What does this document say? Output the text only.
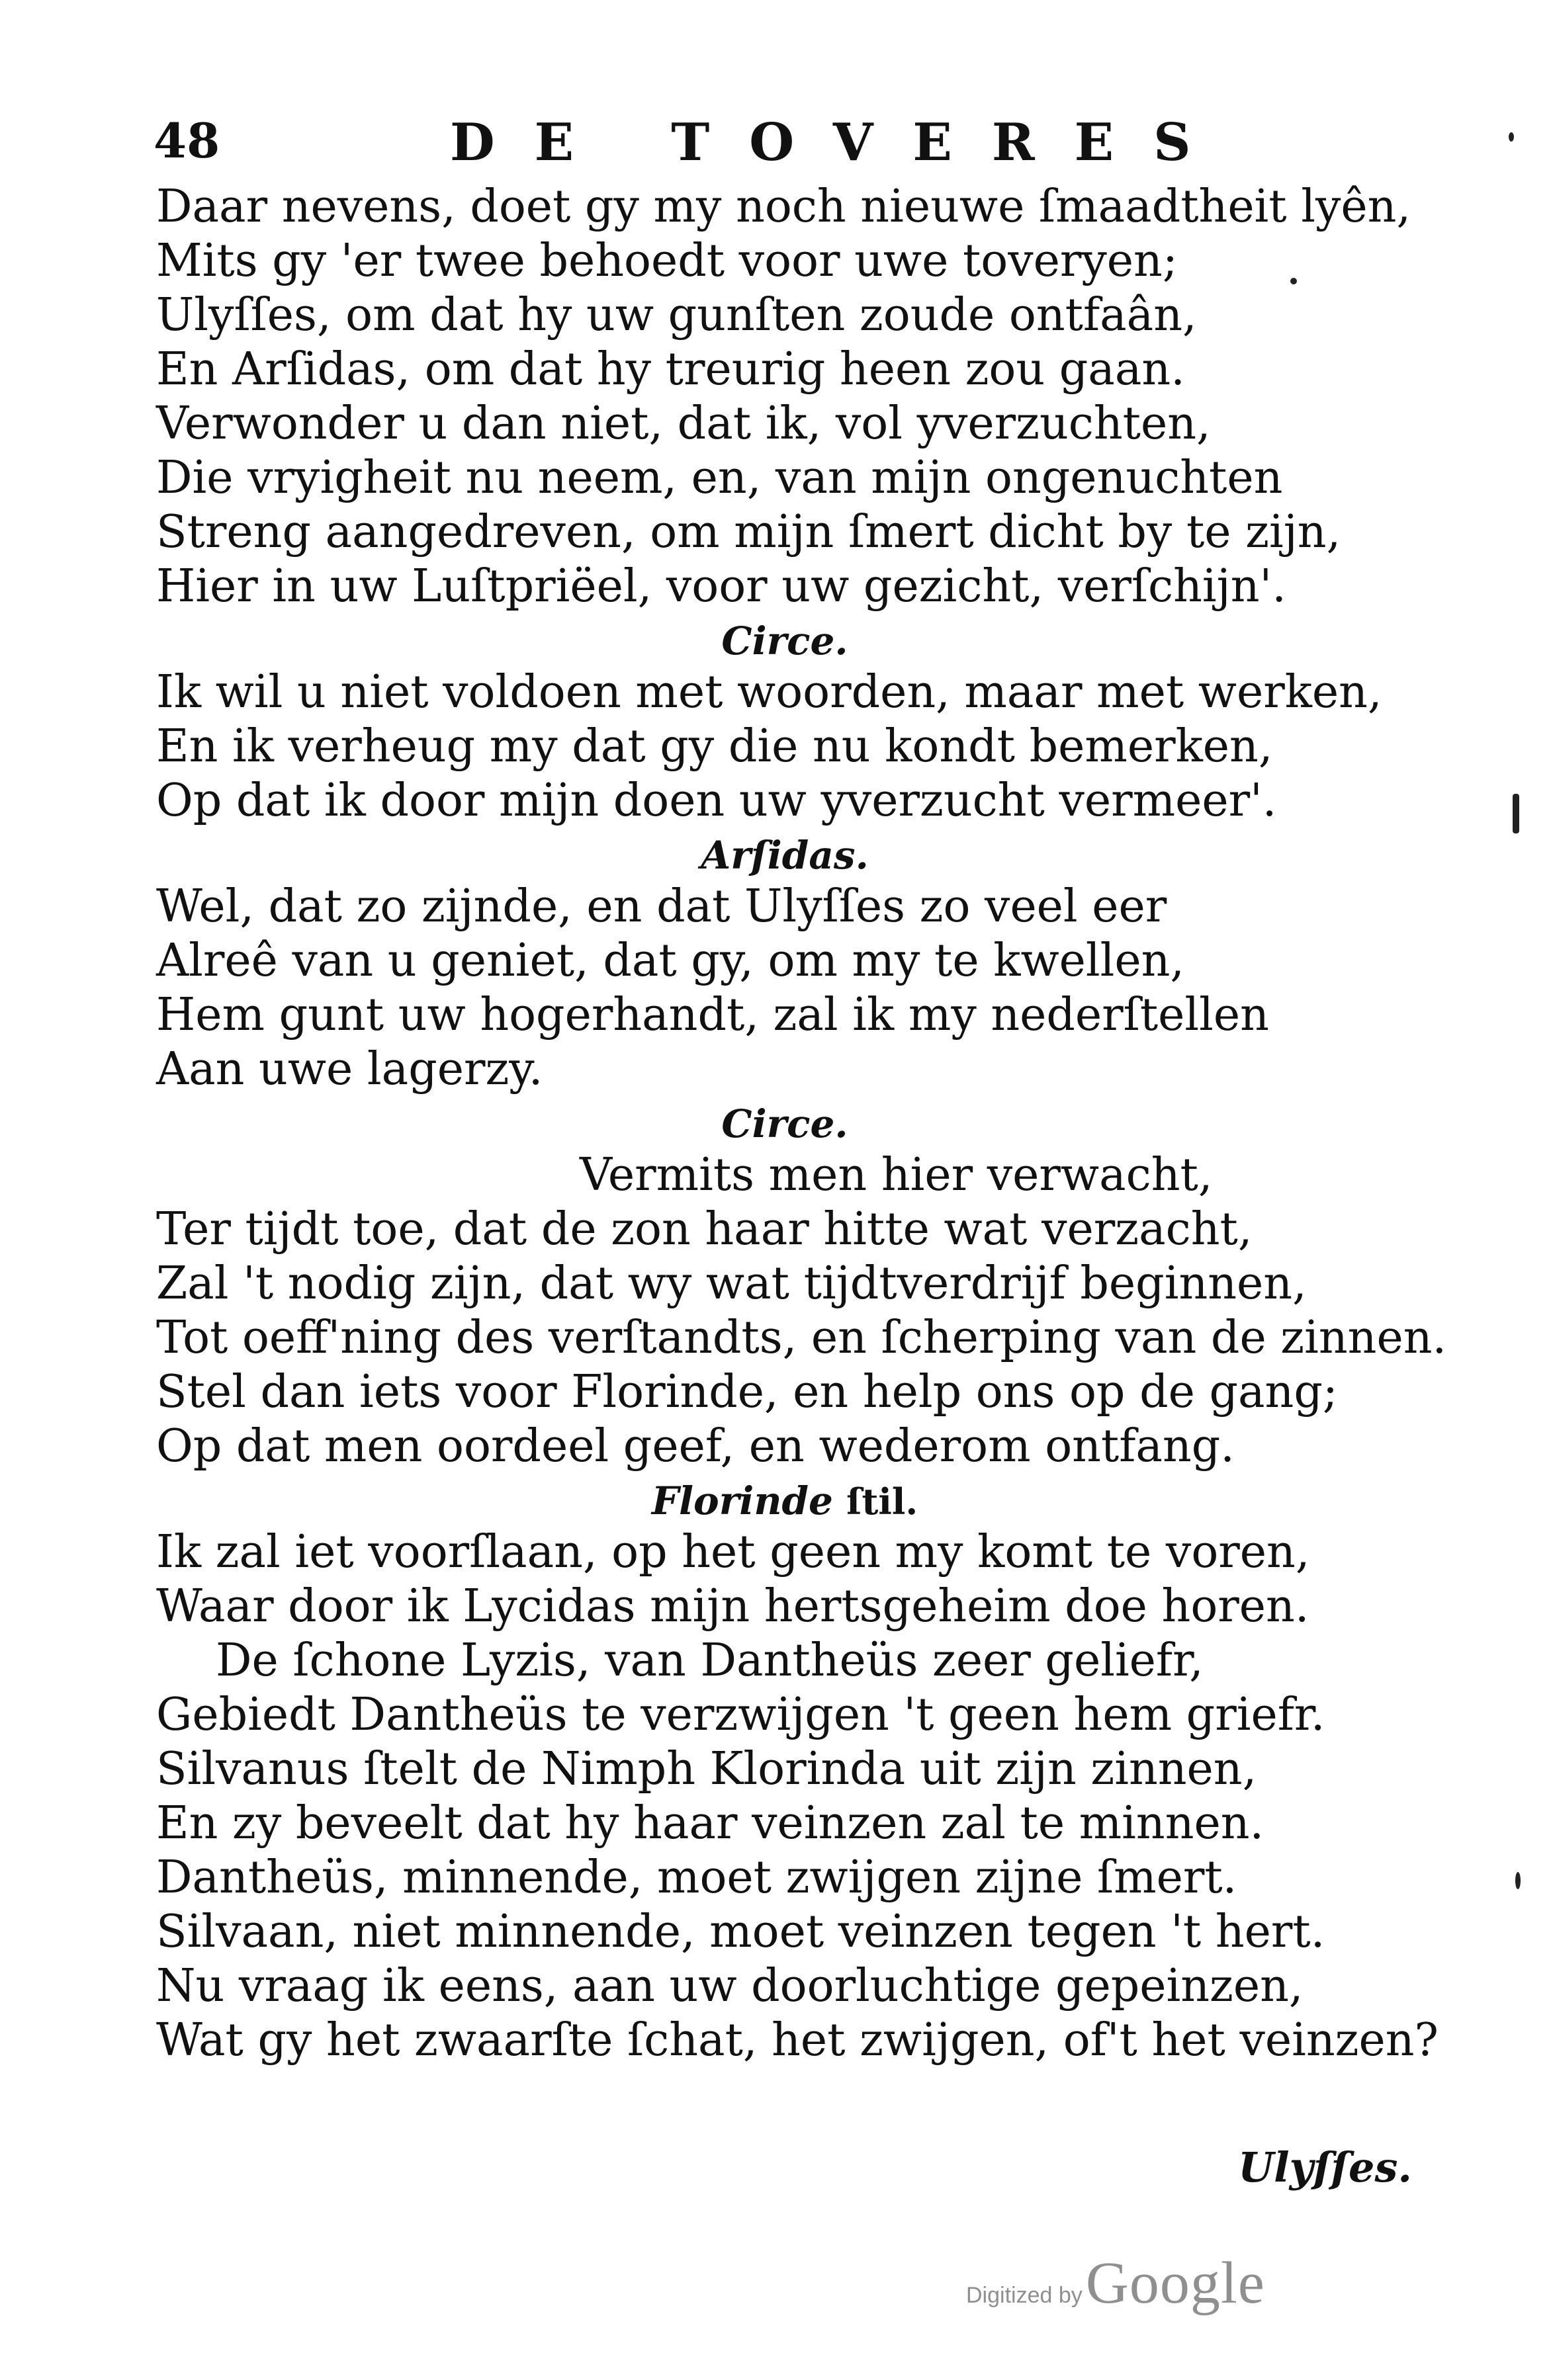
48	DE TOVERES
Daar nevens, doet gy my noch nieuwe ſmaadtheit lyên,
Mits gy 'er twee behoedt voor uwe toveryen;
Ulyſſes, om dat hy uw gunſten zoude ontfaân,
En Arſidas, om dat hy treurig heen zou gaan.
Verwonder u dan niet, dat ik, vol yverzuchten,
Die vryigheit nu neem, en, van mijn ongenuchten
Streng aangedreven, om mijn ſmert dicht by te zijn,
Hier in uw Luſtpriëel, voor uw gezicht, verſchijn'.
Circe.
Ik wil u niet voldoen met woorden, maar met werken,
En ik verheug my dat gy die nu kondt bemerken,
Op dat ik door mijn doen uw yverzucht vermeer'.
Arſidas.
Wel, dat zo zijnde, en dat Ulyſſes zo veel eer
Alreê van u geniet, dat gy, om my te kwellen,
Hem gunt uw hogerhandt, zal ik my nederſtellen
Aan uwe lagerzy.
Circe.
Vermits men hier verwacht,
Ter tijdt toe, dat de zon haar hitte wat verzacht,
Zal 't nodig zijn, dat wy wat tijdtverdrijf beginnen,
Tot oeff'ning des verſtandts, en ſcherping van de zinnen.
Stel dan iets voor Florinde, en help ons op de gang;
Op dat men oordeel geef, en wederom ontfang.
Florinde ſtil.
Ik zal iet voorſlaan, op het geen my komt te voren,
Waar door ik Lycidas mijn hertsgeheim doe horen.
De ſchone Lyzis, van Dantheüs zeer geliefr,
Gebiedt Dantheüs te verzwijgen 't geen hem griefr.
Silvanus ſtelt de Nimph Klorinda uit zijn zinnen,
En zy beveelt dat hy haar veinzen zal te minnen.
Dantheüs, minnende, moet zwijgen zijne ſmert.
Silvaan, niet minnende, moet veinzen tegen 't hert.
Nu vraag ik eens, aan uw doorluchtige gepeinzen,
Wat gy het zwaarſte ſchat, het zwijgen, of't het veinzen?
Ulyſſes.
Digitized by Google
